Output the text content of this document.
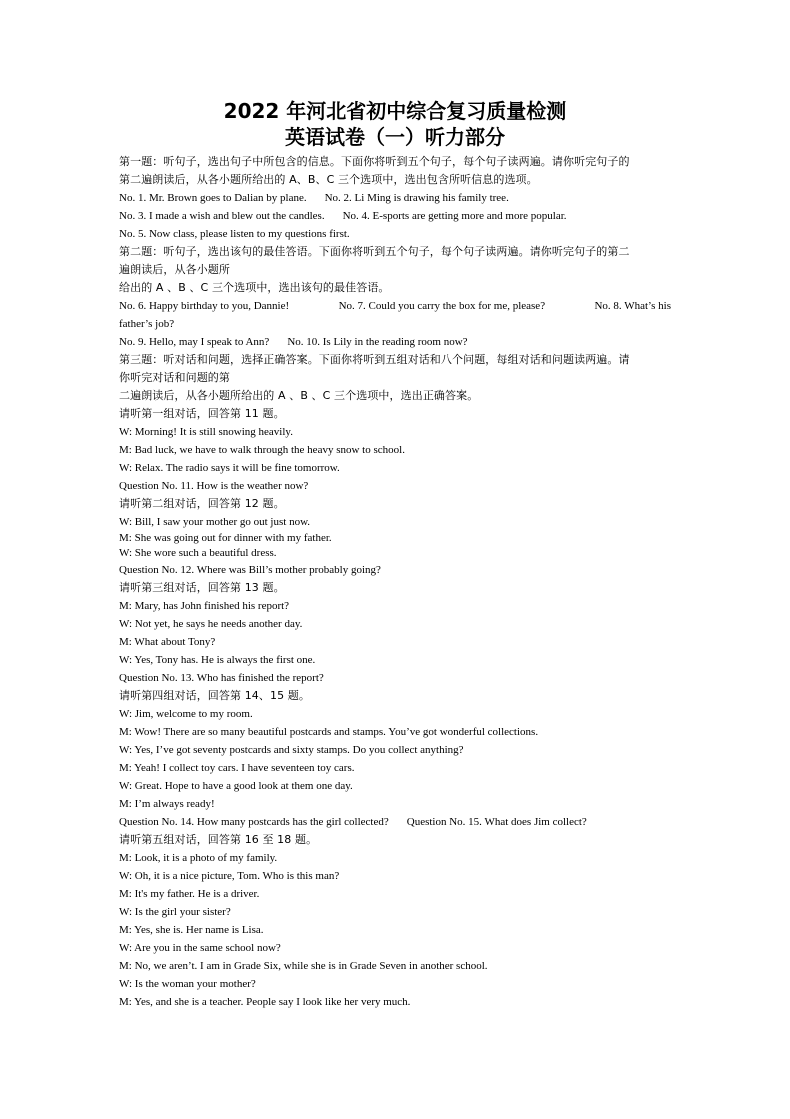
2022 年河北省初中综合复习质量检测
英语试卷（一）听力部分
第一题：听句子，选出句子中所包含的信息。下面你将听到五个句子，每个句子读两遍。请你听完句子的
第二遍朗读后，从各小题所给出的 A、B、C 三个选项中，选出包含所听信息的选项。
No. 1. Mr. Brown goes to Dalian by plane. No. 2. Li Ming is drawing his family tree.
No. 3. I made a wish and blew out the candles. No. 4. E-sports are getting more and more popular.
No. 5. Now class, please listen to my questions first.
第二题：听句子，选出该句的最佳答语。下面你将听到五个句子，每个句子读两遍。请你听完句子的第二
遍朗读后，从各小题所
给出的 A 、B 、C 三个选项中，选出该句的最佳答语。
No. 6. Happy birthday to you, Dannie!	No. 7. Could you carry the box for me, please?	No. 8. What’s his
father’s job?
No. 9. Hello, may I speak to Ann? No. 10. Is Lily in the reading room now?
第三题：听对话和问题，选择正确答案。下面你将听到五组对话和八个问题，每组对话和问题读两遍。请
你听完对话和问题的第
二遍朗读后，从各小题所给出的 A 、B 、C 三个选项中，选出正确答案。
请听第一组对话，回答第 11 题。
W: Morning! It is still snowing heavily.
M: Bad luck, we have to walk through the heavy snow to school.
W: Relax. The radio says it will be fine tomorrow.
Question No. 11. How is the weather now?
请听第二组对话，回答第 12 题。
W: Bill, I saw your mother go out just now.
M: She was going out for dinner with my father.
W: She wore such a beautiful dress.
Question No. 12. Where was Bill’s mother probably going?
请听第三组对话，回答第 13 题。
M: Mary, has John finished his report?
W: Not yet, he says he needs another day.
M: What about Tony?
W: Yes, Tony has. He is always the first one.
Question No. 13. Who has finished the report?
请听第四组对话，回答第 14、15 题。
W: Jim, welcome to my room.
M: Wow! There are so many beautiful postcards and stamps. You’ve got wonderful collections.
W: Yes, I’ve got seventy postcards and sixty stamps. Do you collect anything?
M: Yeah! I collect toy cars. I have seventeen toy cars.
W: Great. Hope to have a good look at them one day.
M: I’m always ready!
Question No. 14. How many postcards has the girl collected? Question No. 15. What does Jim collect?
请听第五组对话，回答第 16 至 18 题。
M: Look, it is a photo of my family.
W: Oh, it is a nice picture, Tom. Who is this man?
M: It's my father. He is a driver.
W: Is the girl your sister?
M: Yes, she is. Her name is Lisa.
W: Are you in the same school now?
M: No, we aren’t. I am in Grade Six, while she is in Grade Seven in another school.
W: Is the woman your mother?
M: Yes, and she is a teacher. People say I look like her very much.
